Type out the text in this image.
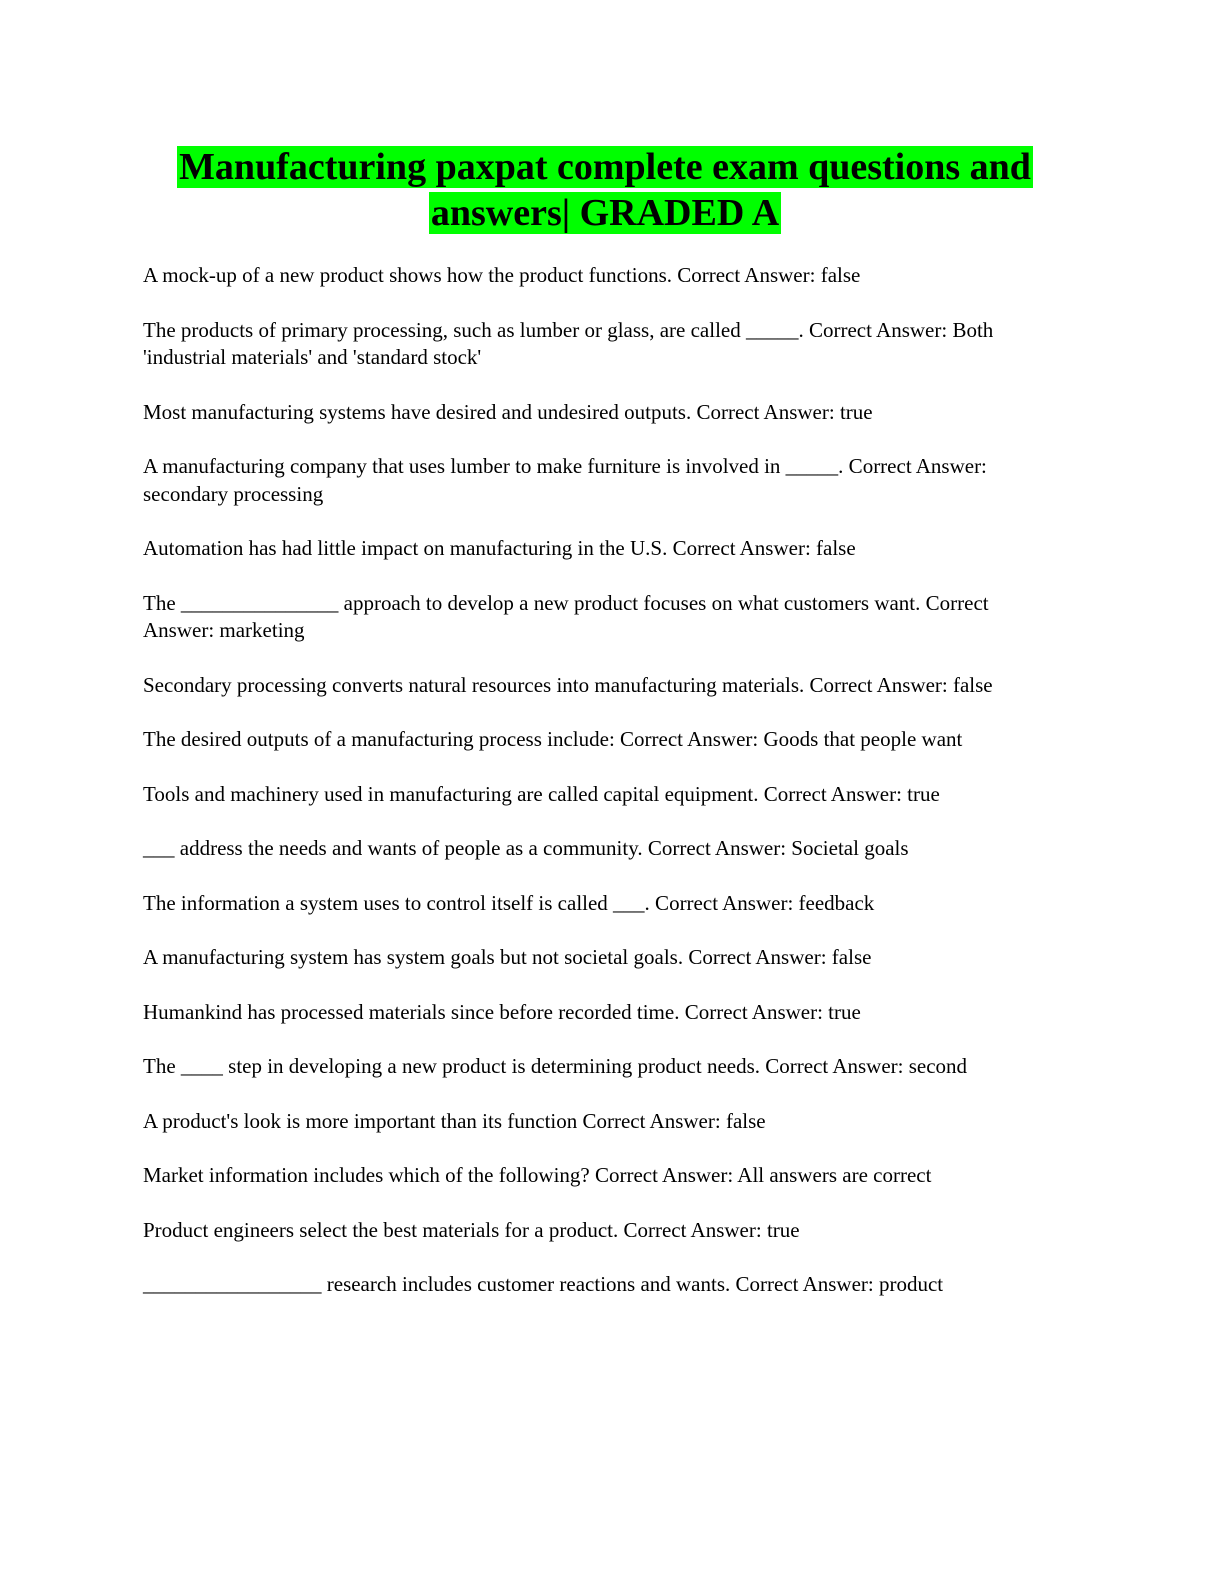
Manufacturing paxpat complete exam questions and
answers| GRADED A
A mock-up of a new product shows how the product functions. Correct Answer: false
The products of primary processing, such as lumber or glass, are called _____. Correct Answer: Both 'industrial materials' and 'standard stock'
Most manufacturing systems have desired and undesired outputs. Correct Answer: true
A manufacturing company that uses lumber to make furniture is involved in _____. Correct Answer: secondary processing
Automation has had little impact on manufacturing in the U.S. Correct Answer: false
The _______________ approach to develop a new product focuses on what customers want. Correct Answer: marketing
Secondary processing converts natural resources into manufacturing materials. Correct Answer: false
The desired outputs of a manufacturing process include: Correct Answer: Goods that people want
Tools and machinery used in manufacturing are called capital equipment. Correct Answer: true
___ address the needs and wants of people as a community. Correct Answer: Societal goals
The information a system uses to control itself is called ___. Correct Answer: feedback
A manufacturing system has system goals but not societal goals. Correct Answer: false
Humankind has processed materials since before recorded time. Correct Answer: true
The ____ step in developing a new product is determining product needs. Correct Answer: second
A product's look is more important than its function Correct Answer: false
Market information includes which of the following? Correct Answer: All answers are correct
Product engineers select the best materials for a product. Correct Answer: true
_________________ research includes customer reactions and wants. Correct Answer: product
